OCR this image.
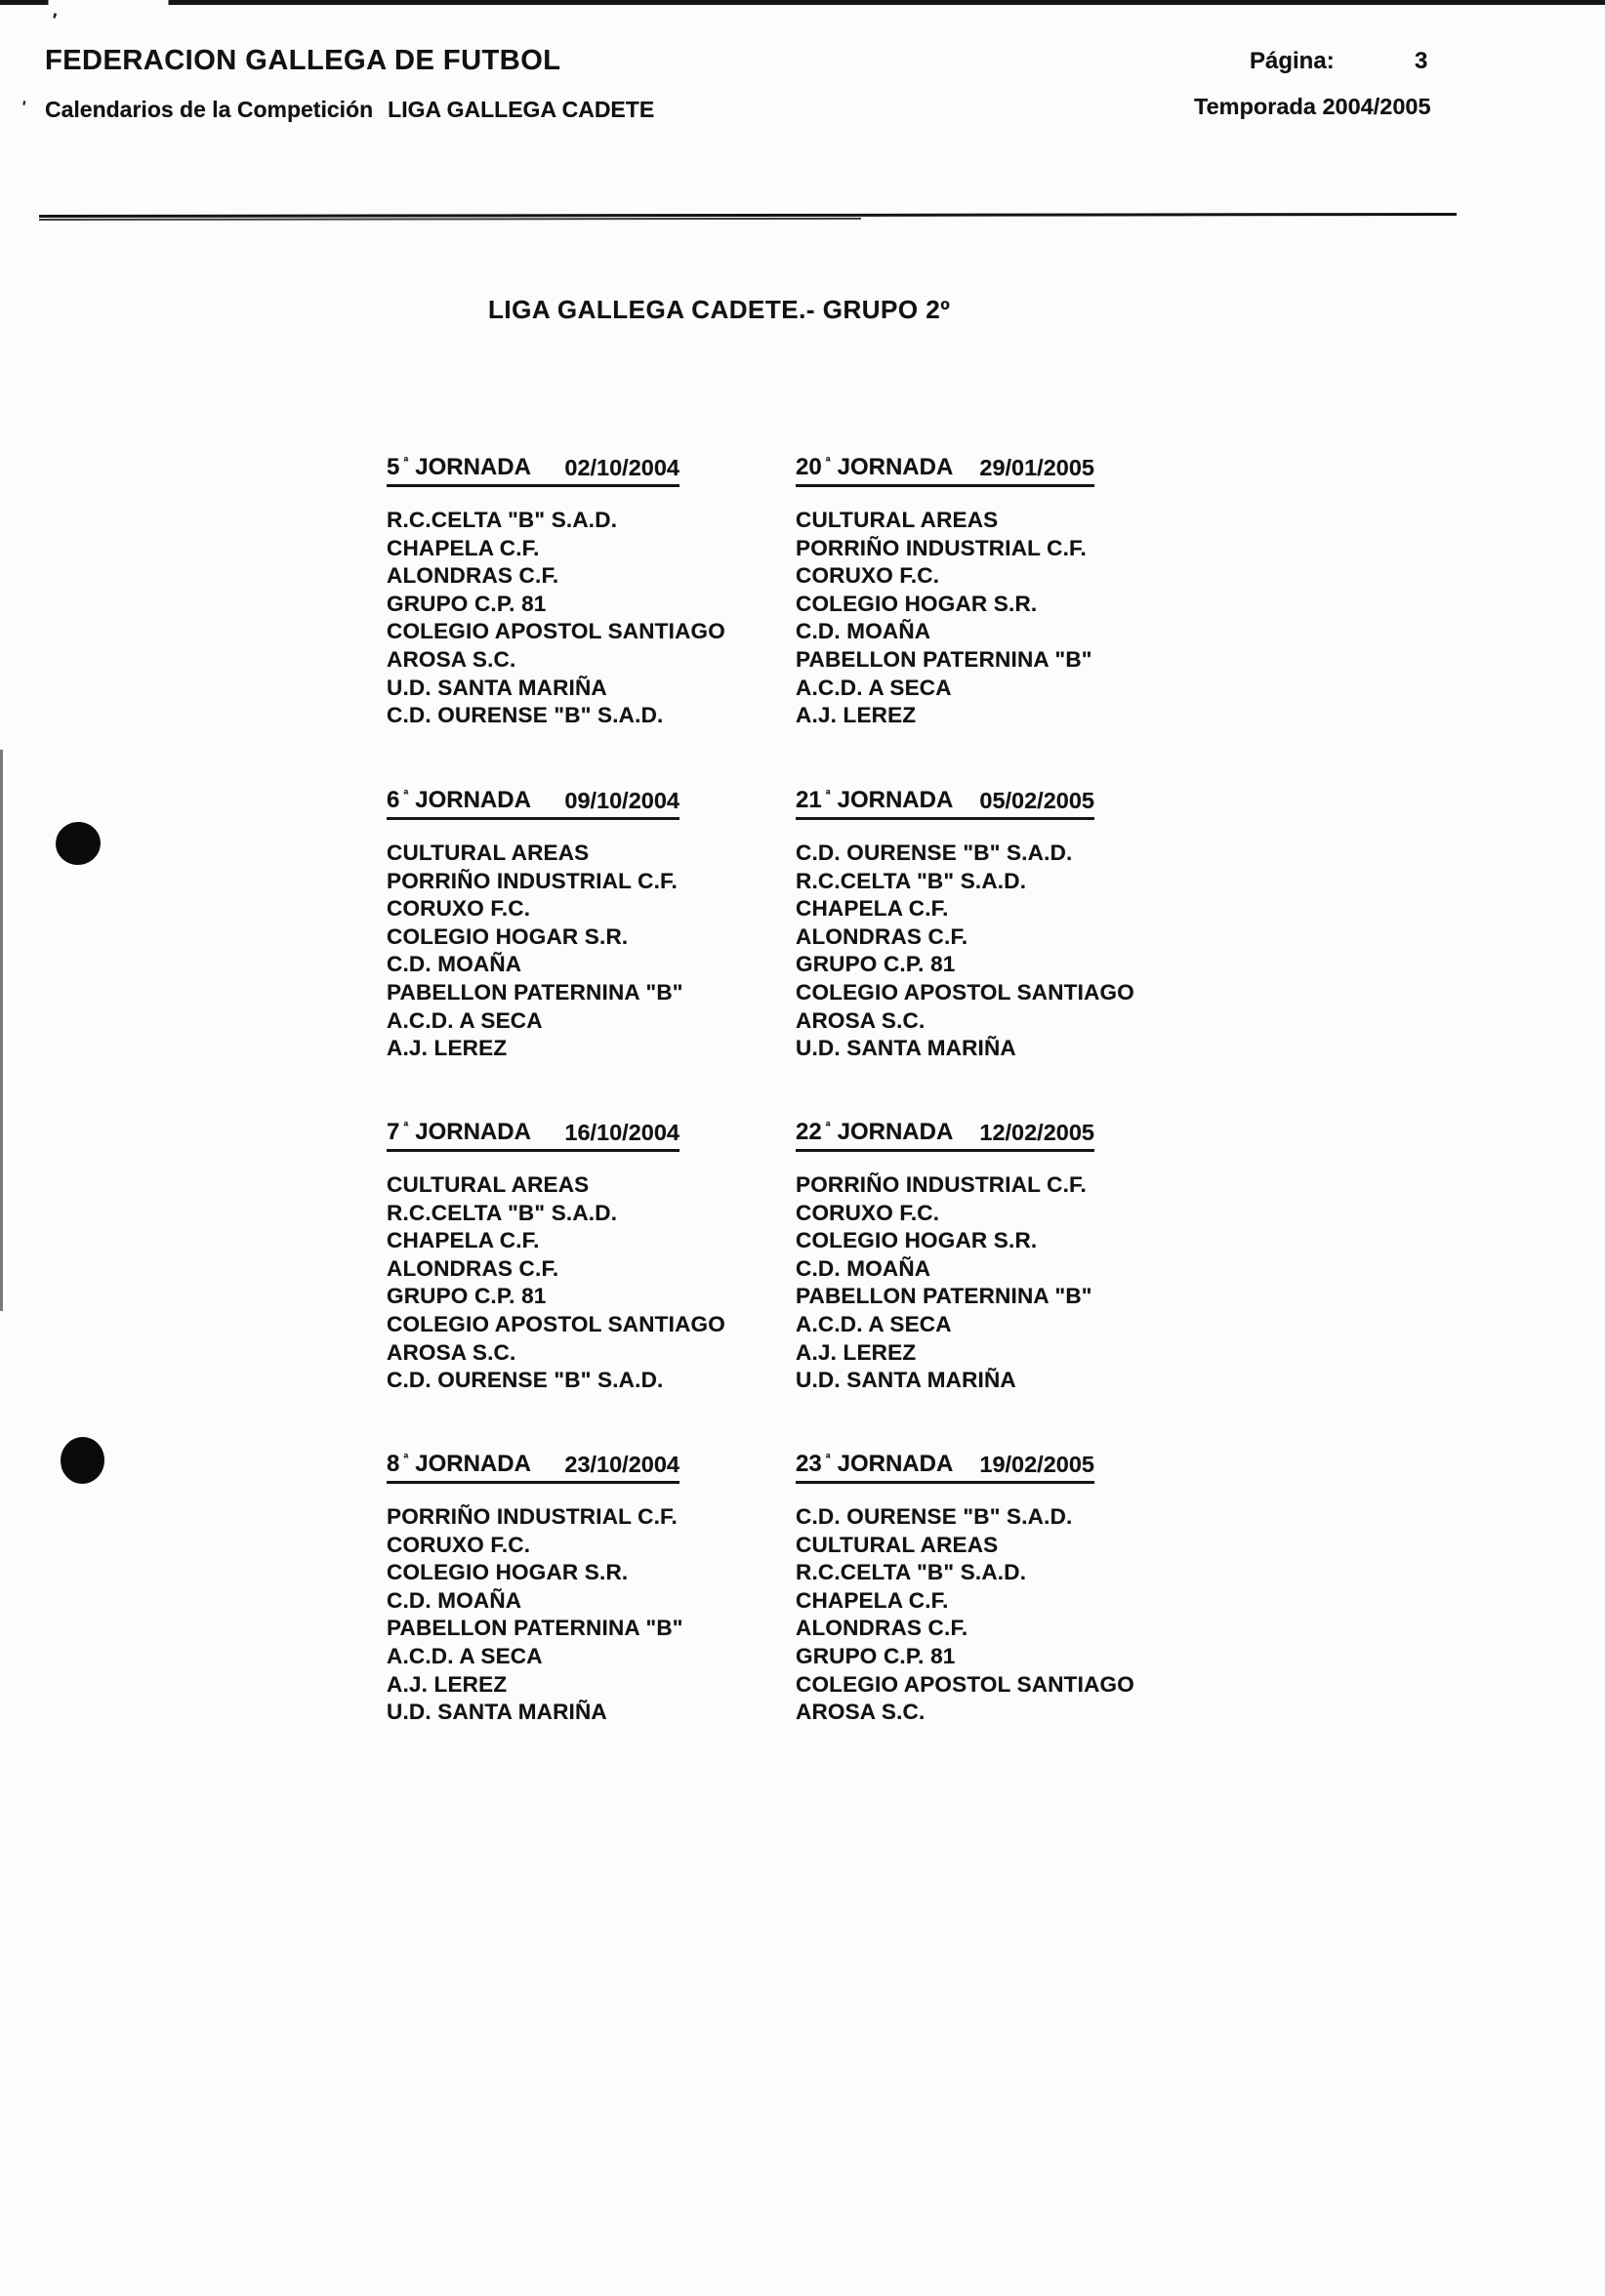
'
'
FEDERACION GALLEGA DE FUTBOL	Página:	3
Calendarios de la Competición LIGA GALLEGA CADETE	Temporada 2004/2005
LIGA GALLEGA CADETE.- GRUPO 2º
5 $^ª$ JORNADA 02/10/2004
R.C.CELTA "B" S.A.D.
CHAPELA C.F.
ALONDRAS C.F.
GRUPO C.P. 81
COLEGIO APOSTOL SANTIAGO
AROSA S.C.
U.D. SANTA MARIÑA
C.D. OURENSE "B" S.A.D.
20 $^ª$ JORNADA 29/01/2005
CULTURAL AREAS
PORRIÑO INDUSTRIAL C.F.
CORUXO F.C.
COLEGIO HOGAR S.R.
C.D. MOAÑA
PABELLON PATERNINA "B"
A.C.D. A SECA
A.J. LEREZ
6 $^ª$ JORNADA 09/10/2004
CULTURAL AREAS
PORRIÑO INDUSTRIAL C.F.
CORUXO F.C.
COLEGIO HOGAR S.R.
C.D. MOAÑA
PABELLON PATERNINA "B"
A.C.D. A SECA
A.J. LEREZ
21 $^ª$ JORNADA 05/02/2005
C.D. OURENSE "B" S.A.D.
R.C.CELTA "B" S.A.D.
CHAPELA C.F.
ALONDRAS C.F.
GRUPO C.P. 81
COLEGIO APOSTOL SANTIAGO
AROSA S.C.
U.D. SANTA MARIÑA
7 $^ª$ JORNADA 16/10/2004
CULTURAL AREAS
R.C.CELTA "B" S.A.D.
CHAPELA C.F.
ALONDRAS C.F.
GRUPO C.P. 81
COLEGIO APOSTOL SANTIAGO
AROSA S.C.
C.D. OURENSE "B" S.A.D.
22 $^ª$ JORNADA 12/02/2005
PORRIÑO INDUSTRIAL C.F.
CORUXO F.C.
COLEGIO HOGAR S.R.
C.D. MOAÑA
PABELLON PATERNINA "B"
A.C.D. A SECA
A.J. LEREZ
U.D. SANTA MARIÑA
8 $^ª$ JORNADA 23/10/2004
PORRIÑO INDUSTRIAL C.F.
CORUXO F.C.
COLEGIO HOGAR S.R.
C.D. MOAÑA
PABELLON PATERNINA "B"
A.C.D. A SECA
A.J. LEREZ
U.D. SANTA MARIÑA
23 $^ª$ JORNADA 19/02/2005
C.D. OURENSE "B" S.A.D.
CULTURAL AREAS
R.C.CELTA "B" S.A.D.
CHAPELA C.F.
ALONDRAS C.F.
GRUPO C.P. 81
COLEGIO APOSTOL SANTIAGO
AROSA S.C.
